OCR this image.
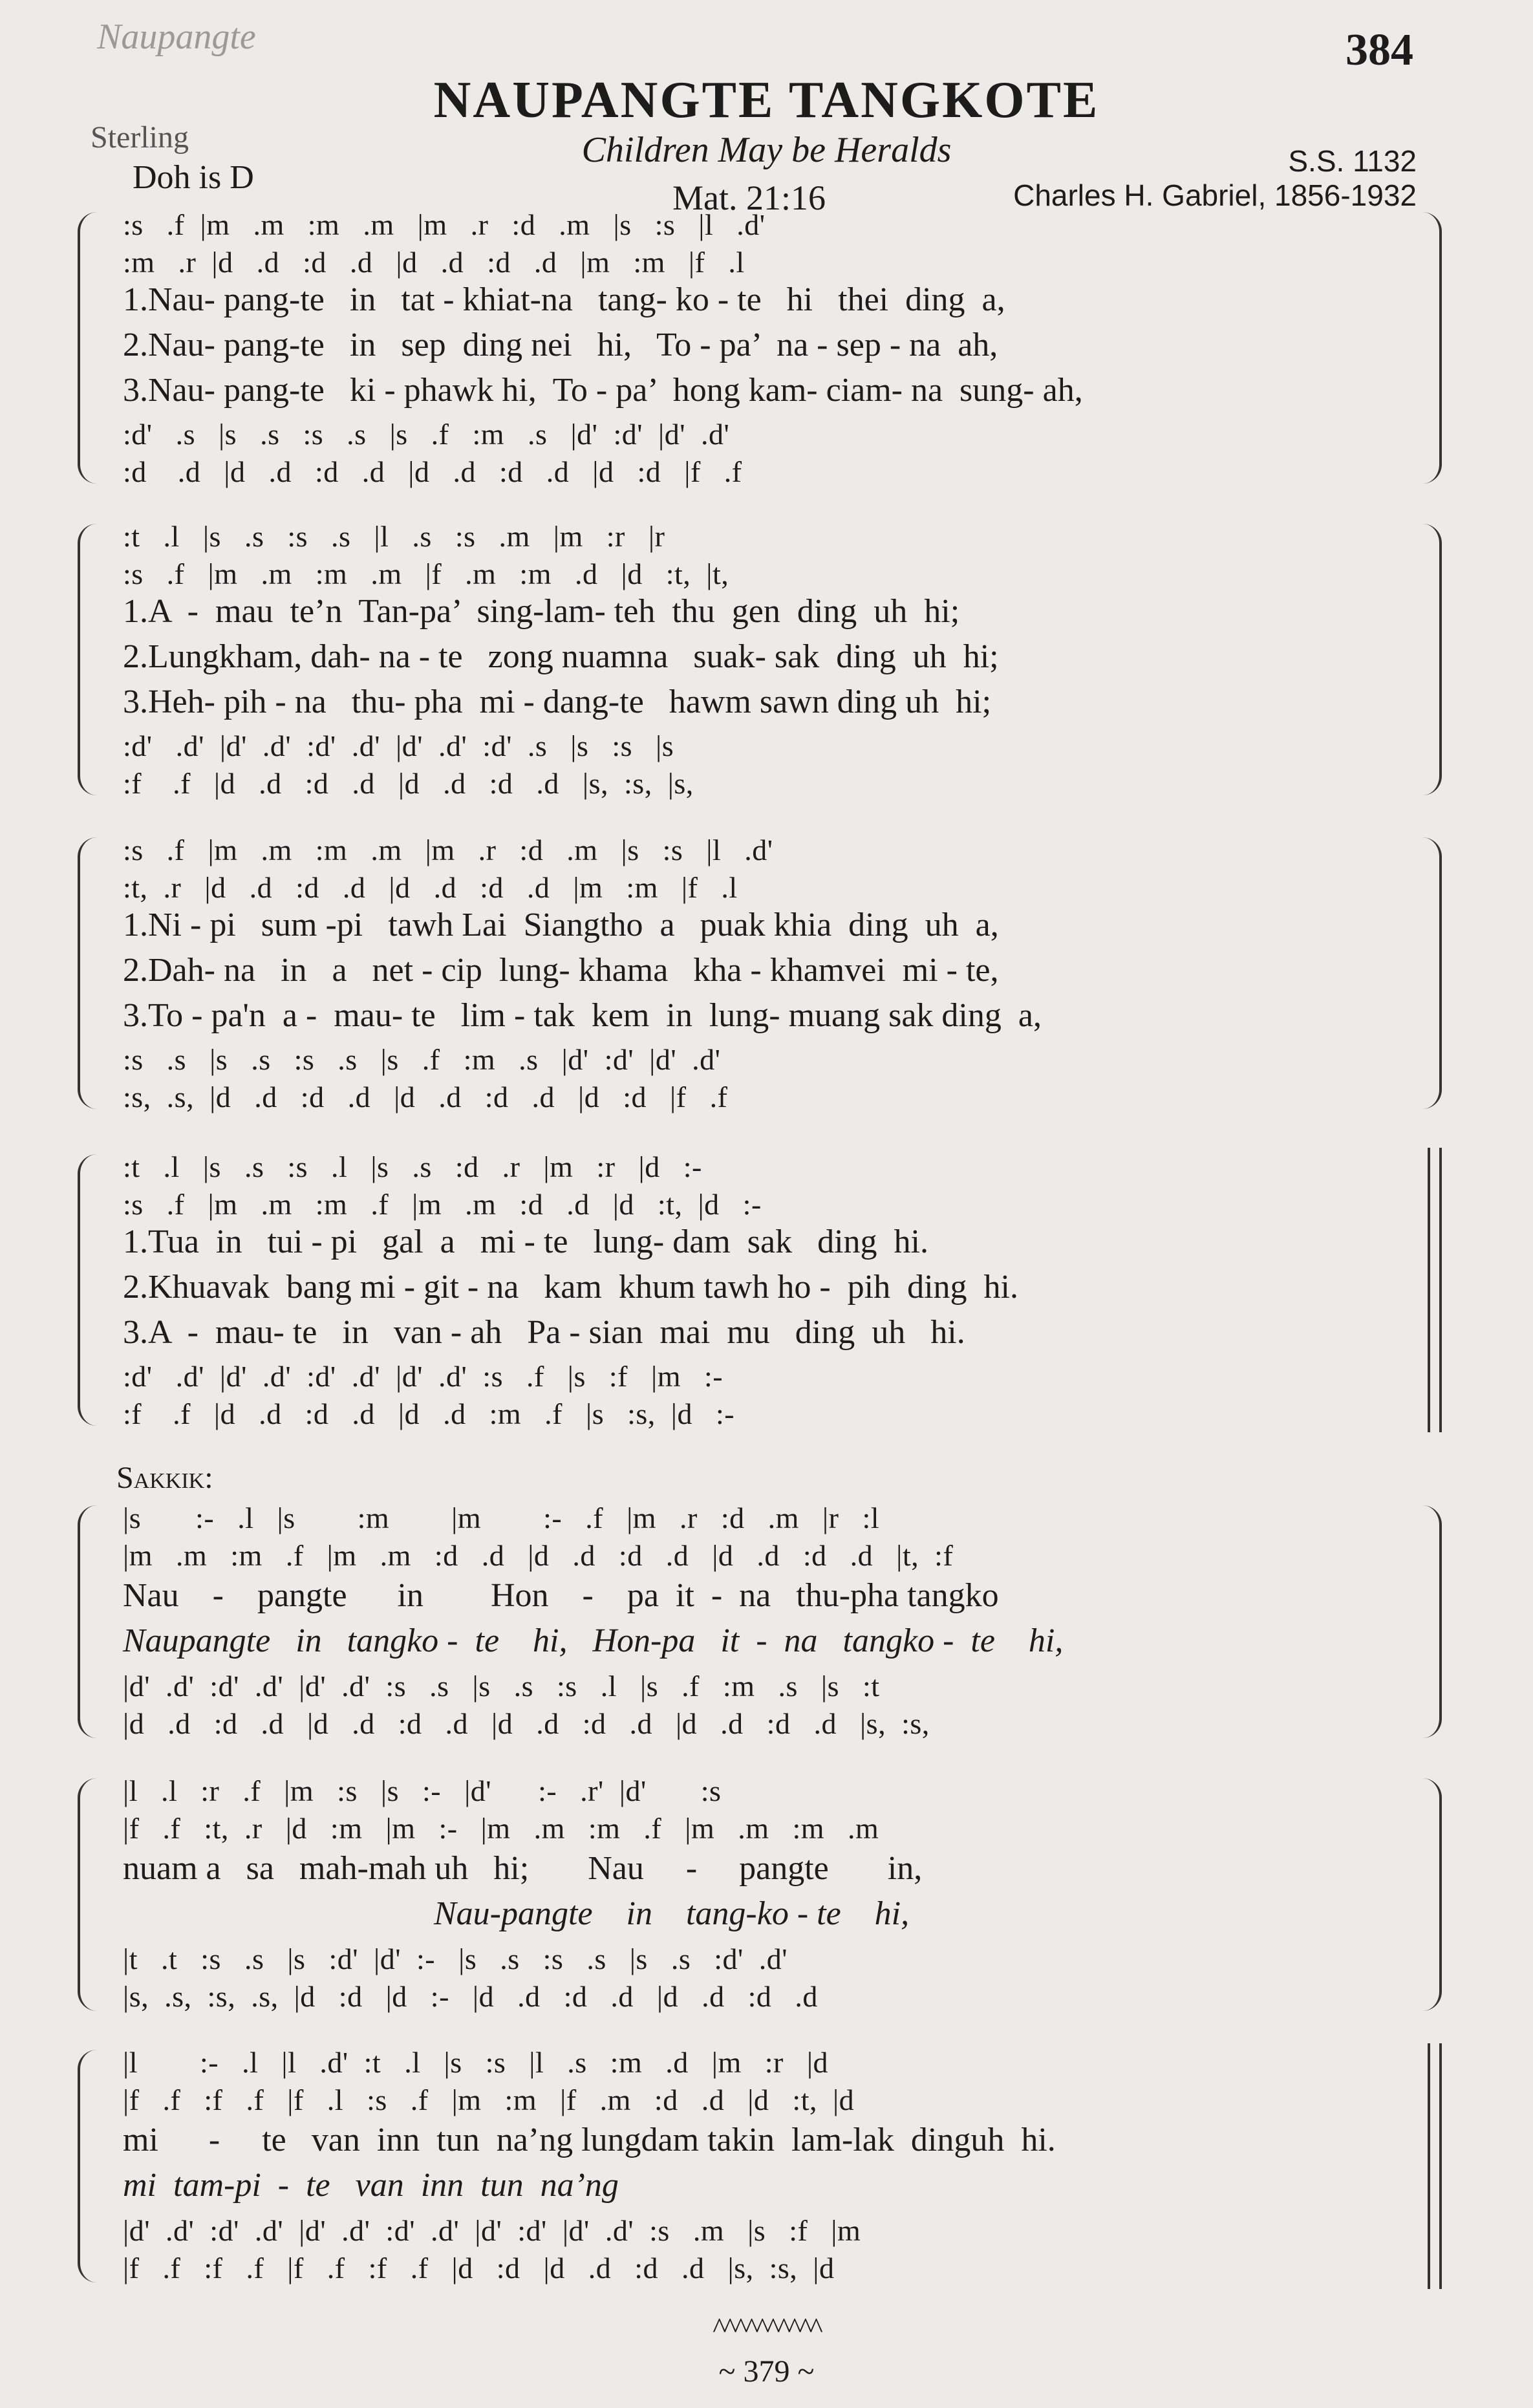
Naupangte	384
NAUPANGTE TANGKOTE
Sterling
Doh is D
Children May be Heralds
Mat. 21:16
S.S. 1132
Charles H. Gabriel, 1856-1932
:s   .f  |m   .m   :m   .m   |m   .r   :d   .m   |s   :s   |l   .d'
:m   .r  |d   .d   :d   .d   |d   .d   :d   .d   |m   :m   |f   .l
1.Nau- pang-te   in   tat - khiat-na   tang- ko - te   hi   thei  ding  a,
2.Nau- pang-te   in   sep  ding nei   hi,   To - pa’  na - sep - na  ah,
3.Nau- pang-te   ki - phawk hi,  To - pa’  hong kam- ciam- na  sung- ah,
:d'   .s   |s   .s   :s   .s   |s   .f   :m   .s   |d'  :d'  |d'  .d'
:d    .d   |d   .d   :d   .d   |d   .d   :d   .d   |d   :d   |f   .f
:t   .l   |s   .s   :s   .s   |l   .s   :s   .m   |m   :r   |r
:s   .f   |m   .m   :m   .m   |f   .m   :m   .d   |d   :t,  |t,
1.A  -  mau  te’n  Tan-pa’  sing-lam- teh  thu  gen  ding  uh  hi;
2.Lungkham, dah- na - te   zong nuamna   suak- sak  ding  uh  hi;
3.Heh- pih - na   thu- pha  mi - dang-te   hawm sawn ding uh  hi;
:d'   .d'  |d'  .d'  :d'  .d'  |d'  .d'  :d'  .s   |s   :s   |s
:f    .f   |d   .d   :d   .d   |d   .d   :d   .d   |s,  :s,  |s,
:s   .f   |m   .m   :m   .m   |m   .r   :d   .m   |s   :s   |l   .d'
:t,  .r   |d   .d   :d   .d   |d   .d   :d   .d   |m   :m   |f   .l
1.Ni - pi   sum -pi   tawh Lai  Siangtho  a   puak khia  ding  uh  a,
2.Dah- na   in   a   net - cip  lung- khama   kha - khamvei  mi - te,
3.To - pa'n  a -  mau- te   lim - tak  kem  in  lung- muang sak ding  a,
:s   .s   |s   .s   :s   .s   |s   .f   :m   .s   |d'  :d'  |d'  .d'
:s,  .s,  |d   .d   :d   .d   |d   .d   :d   .d   |d   :d   |f   .f
:t   .l   |s   .s   :s   .l   |s   .s   :d   .r   |m   :r   |d   :-
:s   .f   |m   .m   :m   .f   |m   .m   :d   .d   |d   :t,  |d   :-
1.Tua  in   tui - pi   gal  a   mi - te   lung- dam  sak   ding  hi.
2.Khuavak  bang mi - git - na   kam  khum tawh ho -  pih  ding  hi.
3.A  -  mau- te   in   van - ah   Pa - sian  mai  mu   ding  uh   hi.
:d'   .d'  |d'  .d'  :d'  .d'  |d'  .d'  :s   .f   |s   :f   |m   :-
:f    .f   |d   .d   :d   .d   |d   .d   :m   .f   |s   :s,  |d   :-
Sakkik:
|s       :-   .l   |s        :m        |m        :-   .f   |m   .r   :d   .m   |r   :l
|m   .m   :m   .f   |m   .m   :d   .d   |d   .d   :d   .d   |d   .d   :d   .d   |t,  :f
Nau    -    pangte      in        Hon    -    pa  it  -  na   thu-pha tangko
Naupangte   in   tangko -  te    hi,   Hon-pa   it  -  na   tangko -  te    hi,
|d'  .d'  :d'  .d'  |d'  .d'  :s   .s   |s   .s   :s   .l   |s   .f   :m   .s   |s   :t
|d   .d   :d   .d   |d   .d   :d   .d   |d   .d   :d   .d   |d   .d   :d   .d   |s,  :s,
|l   .l   :r   .f   |m   :s   |s   :-   |d'      :-   .r'  |d'       :s
|f   .f   :t,  .r   |d   :m   |m   :-   |m   .m   :m   .f   |m   .m   :m   .m
nuam a   sa   mah-mah uh   hi;       Nau     -     pangte       in,
Nau-pangte    in    tang-ko - te    hi,
|t   .t   :s   .s   |s   :d'  |d'  :-   |s   .s   :s   .s   |s   .s   :d'  .d'
|s,  .s,  :s,  .s,  |d   :d   |d   :-   |d   .d   :d   .d   |d   .d   :d   .d
|l        :-   .l   |l   .d'  :t   .l   |s   :s   |l   .s   :m   .d   |m   :r   |d
|f   .f   :f   .f   |f   .l   :s   .f   |m   :m   |f   .m   :d   .d   |d   :t,  |d
mi      -     te   van  inn  tun  na’ng lungdam takin  lam-lak  dinguh  hi.
mi  tam-pi  -  te   van  inn  tun  na’ng
|d'  .d'  :d'  .d'  |d'  .d'  :d'  .d'  |d'  :d'  |d'  .d'  :s   .m   |s   :f   |m
|f   .f   :f   .f   |f   .f   :f   .f   |d   :d   |d   .d   :d   .d   |s,  :s,  |d
^^^^^^^^^^
~ 379 ~
